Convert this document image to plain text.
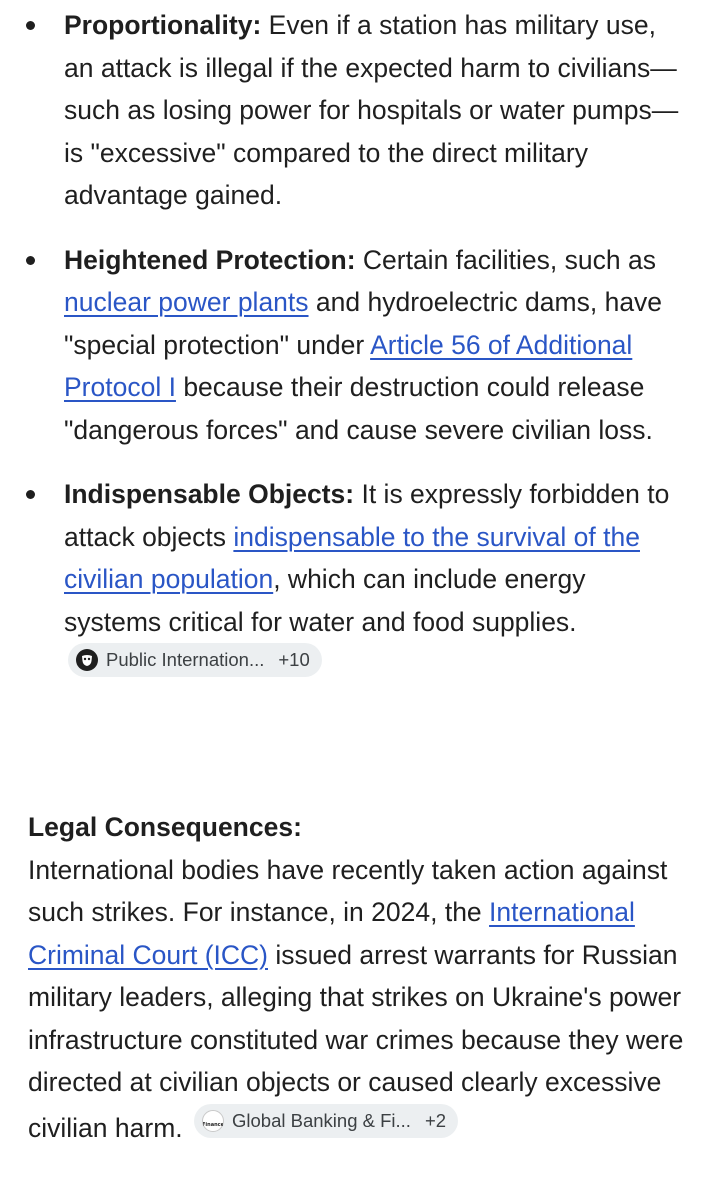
Proportionality: Even if a station has military use, an attack is illegal if the expected harm to civilians—such as losing power for hospitals or water pumps—is "excessive" compared to the direct military advantage gained.
Heightened Protection: Certain facilities, such as nuclear power plants and hydroelectric dams, have "special protection" under Article 56 of Additional Protocol I because their destruction could release "dangerous forces" and cause severe civilian loss.
Indispensable Objects: It is expressly forbidden to attack objects indispensable to the survival of the civilian population, which can include energy systems critical for water and food supplies.
Public Internation... +10
Legal Consequences:
International bodies have recently taken action against such strikes. For instance, in 2024, the International Criminal Court (ICC) issued arrest warrants for Russian military leaders, alleging that strikes on Ukraine's power infrastructure constituted war crimes because they were directed at civilian objects or caused clearly excessive civilian harm.	Finance Global Banking & Fi... +2
